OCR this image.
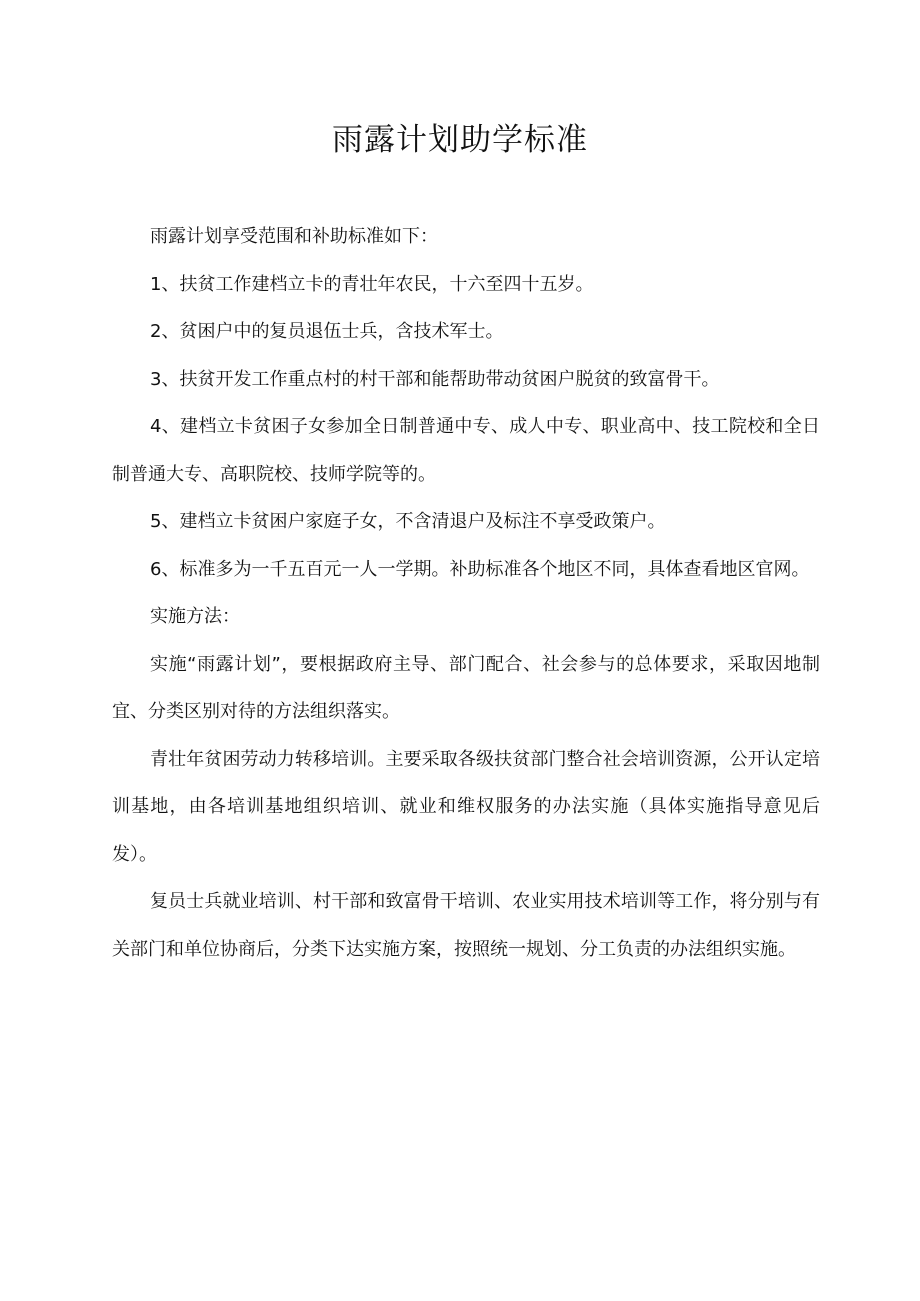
雨露计划助学标准

雨露计划享受范围和补助标准如下：

1、扶贫工作建档立卡的青壮年农民，十六至四十五岁。

2、贫困户中的复员退伍士兵，含技术军士。

3、扶贫开发工作重点村的村干部和能帮助带动贫困户脱贫的致富骨干。

4、建档立卡贫困子女参加全日制普通中专、成人中专、职业高中、技工院校和全日制普通大专、高职院校、技师学院等的。

5、建档立卡贫困户家庭子女，不含清退户及标注不享受政策户。

6、标准多为一千五百元一人一学期。补助标准各个地区不同，具体查看地区官网。

实施方法：

实施“雨露计划”，要根据政府主导、部门配合、社会参与的总体要求，采取因地制宜、分类区别对待的方法组织落实。

青壮年贫困劳动力转移培训。主要采取各级扶贫部门整合社会培训资源，公开认定培训基地，由各培训基地组织培训、就业和维权服务的办法实施（具体实施指导意见后发）。

复员士兵就业培训、村干部和致富骨干培训、农业实用技术培训等工作，将分别与有关部门和单位协商后，分类下达实施方案，按照统一规划、分工负责的办法组织实施。
